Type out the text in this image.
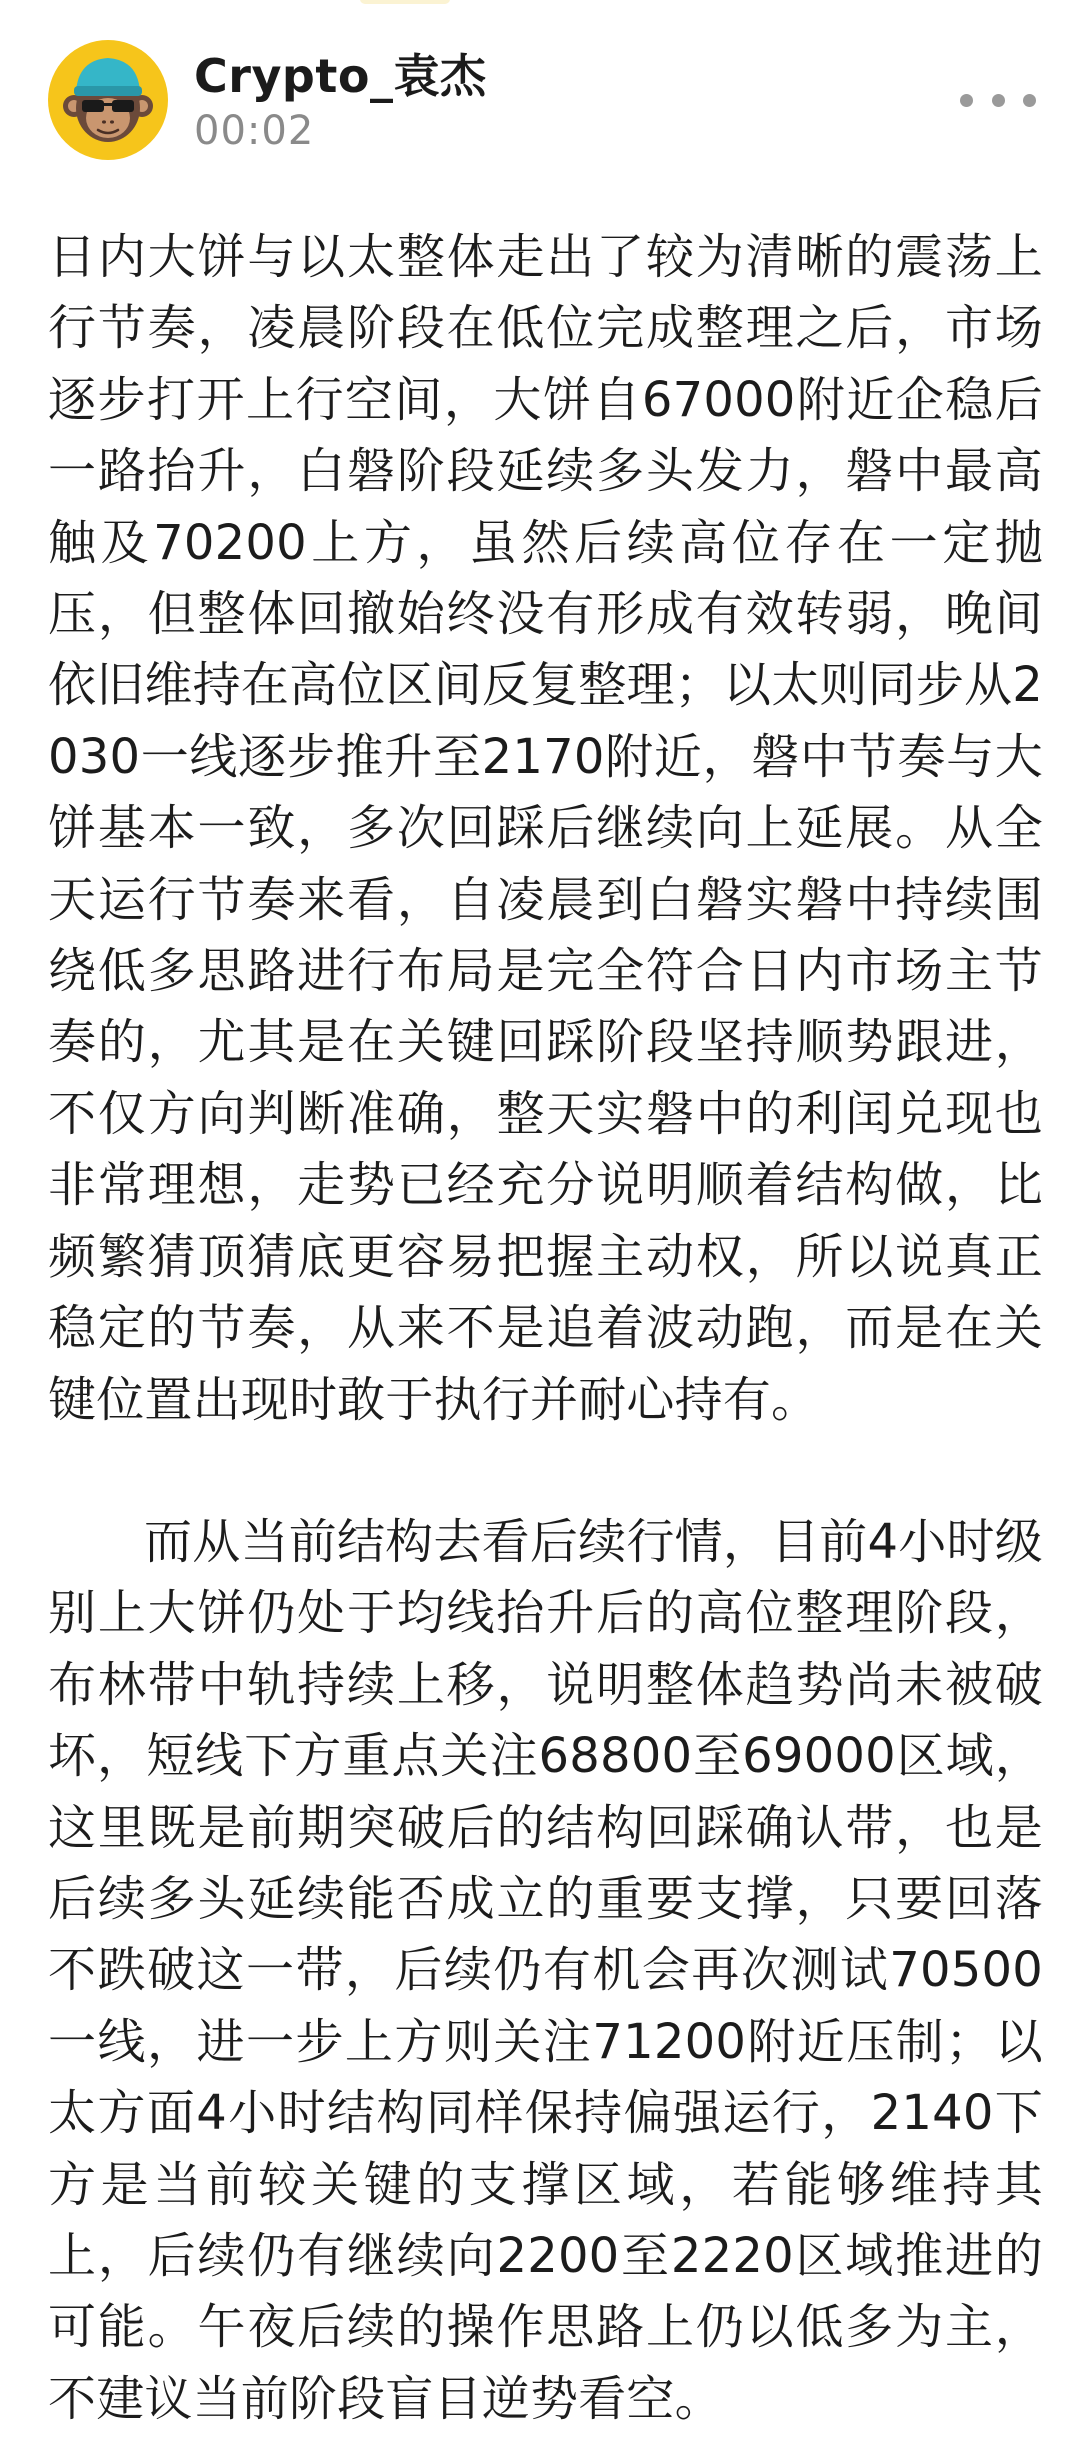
Crypto_袁杰
00:02

日内大饼与以太整体走出了较为清晰的震荡上行节奏，凌晨阶段在低位完成整理之后，市场逐步打开上行空间，大饼自67000附近企稳后一路抬升，白磐阶段延续多头发力，磐中最高触及70200上方，虽然后续高位存在一定抛压，但整体回撤始终没有形成有效转弱，晚间依旧维持在高位区间反复整理；以太则同步从2030一线逐步推升至2170附近，磐中节奏与大饼基本一致，多次回踩后继续向上延展。从全天运行节奏来看，自凌晨到白磐实磐中持续围绕低多思路进行布局是完全符合日内市场主节奏的，尤其是在关键回踩阶段坚持顺势跟进，不仅方向判断准确，整天实磐中的利闰兑现也非常理想，走势已经充分说明顺着结构做，比频繁猜顶猜底更容易把握主动权，所以说真正稳定的节奏，从来不是追着波动跑，而是在关键位置出现时敢于执行并耐心持有。

而从当前结构去看后续行情，目前4小时级别上大饼仍处于均线抬升后的高位整理阶段，布林带中轨持续上移，说明整体趋势尚未被破坏，短线下方重点关注68800至69000区域，这里既是前期突破后的结构回踩确认带，也是后续多头延续能否成立的重要支撑，只要回落不跌破这一带，后续仍有机会再次测试70500一线，进一步上方则关注71200附近压制；以太方面4小时结构同样保持偏强运行，2140下方是当前较关键的支撑区域，若能够维持其上，后续仍有继续向2200至2220区域推进的可能。午夜后续的操作思路上仍以低多为主，不建议当前阶段盲目逆势看空。
